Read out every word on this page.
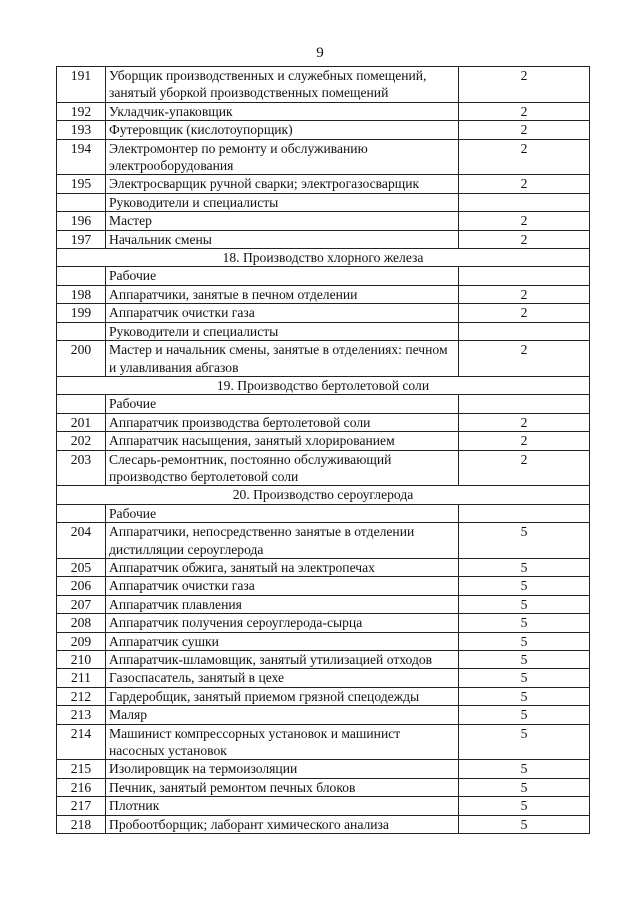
9
191	Уборщик производственных и служебных помещений, занятый уборкой производственных помещений	2
192	Укладчик-упаковщик	2
193	Футеровщик (кислотоупорщик)	2
194	Электромонтер по ремонту и обслуживанию электрооборудования	2
195	Электросварщик ручной сварки; электрогазосварщик	2
	Руководители и специалисты	
196	Мастер	2
197	Начальник смены	2
18. Производство хлорного железа		
	Рабочие	
198	Аппаратчики, занятые в печном отделении	2
199	Аппаратчик очистки газа	2
	Руководители и специалисты	
200	Мастер и начальник смены, занятые в отделениях: печном и улавливания абгазов	2
19. Производство бертолетовой соли		
	Рабочие	
201	Аппаратчик производства бертолетовой соли	2
202	Аппаратчик насыщения, занятый хлорированием	2
203	Слесарь-ремонтник, постоянно обслуживающий производство бертолетовой соли	2
20. Производство сероуглерода		
	Рабочие	
204	Аппаратчики, непосредственно занятые в отделении дистилляции сероуглерода	5
205	Аппаратчик обжига, занятый на электропечах	5
206	Аппаратчик очистки газа	5
207	Аппаратчик плавления	5
208	Аппаратчик получения сероуглерода-сырца	5
209	Аппаратчик сушки	5
210	Аппаратчик-шламовщик, занятый утилизацией отходов	5
211	Газоспасатель, занятый в цехе	5
212	Гардеробщик, занятый приемом грязной спецодежды	5
213	Маляр	5
214	Машинист компрессорных установок и машинист насосных установок	5
215	Изолировщик на термоизоляции	5
216	Печник, занятый ремонтом печных блоков	5
217	Плотник	5
218	Пробоотборщик; лаборант химического анализа	5
